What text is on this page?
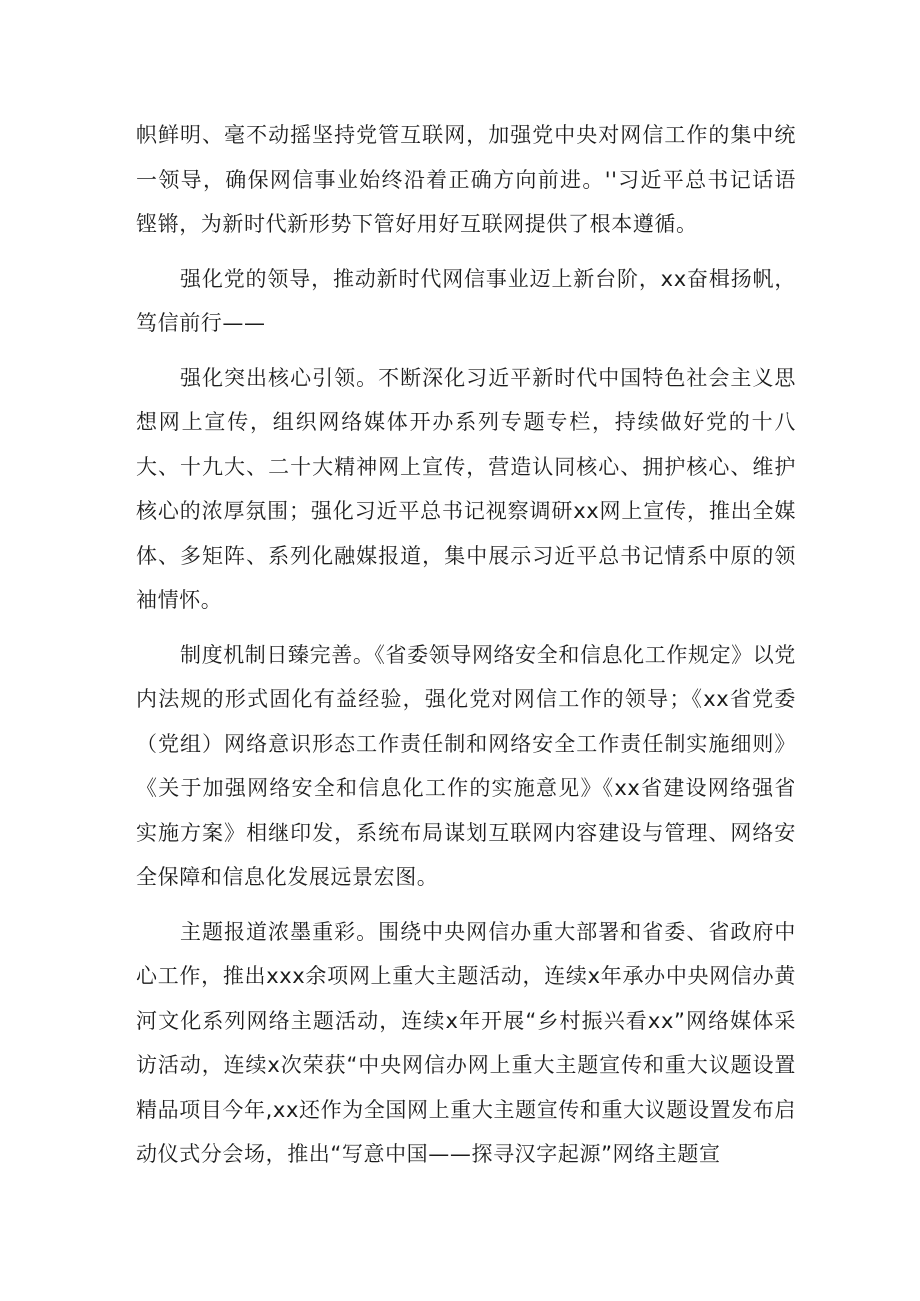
帜鲜明、毫不动摇坚持党管互联网，加强党中央对网信工作的集中统一领导，确保网信事业始终沿着正确方向前进。''习近平总书记话语铿锵，为新时代新形势下管好用好互联网提供了根本遵循。

强化党的领导，推动新时代网信事业迈上新台阶，xx奋楫扬帆，笃信前行——

强化突出核心引领。不断深化习近平新时代中国特色社会主义思想网上宣传，组织网络媒体开办系列专题专栏，持续做好党的十八大、十九大、二十大精神网上宣传，营造认同核心、拥护核心、维护核心的浓厚氛围；强化习近平总书记视察调研xx网上宣传，推出全媒体、多矩阵、系列化融媒报道，集中展示习近平总书记情系中原的领袖情怀。

制度机制日臻完善。《省委领导网络安全和信息化工作规定》以党内法规的形式固化有益经验，强化党对网信工作的领导；《xx省党委（党组）网络意识形态工作责任制和网络安全工作责任制实施细则》《关于加强网络安全和信息化工作的实施意见》《xx省建设网络强省实施方案》相继印发，系统布局谋划互联网内容建设与管理、网络安全保障和信息化发展远景宏图。

主题报道浓墨重彩。围绕中央网信办重大部署和省委、省政府中心工作，推出xxx余项网上重大主题活动，连续x年承办中央网信办黄河文化系列网络主题活动，连续x年开展“乡村振兴看xx”网络媒体采访活动，连续x次荣获“中央网信办网上重大主题宣传和重大议题设置精品项目今年,xx还作为全国网上重大主题宣传和重大议题设置发布启动仪式分会场，推出“写意中国——探寻汉字起源”网络主题宣
